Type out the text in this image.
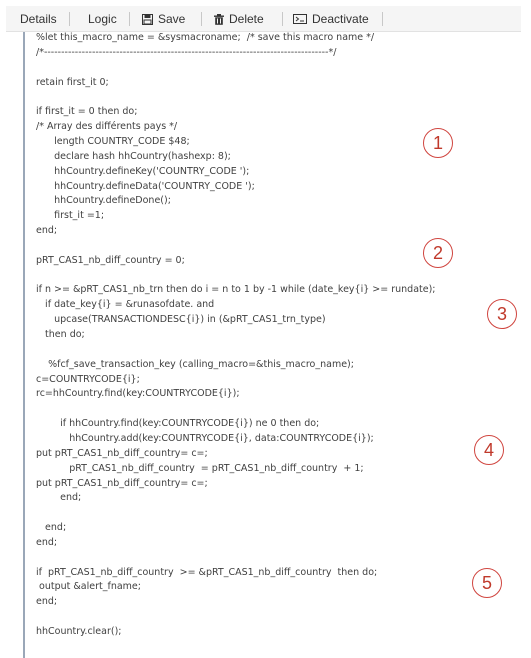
Details	Logic	Save	Delete	Deactivate
%let this_macro_name = &sysmacroname;  /* save this macro name */
/*-----------------------------------------------------------------------------------*/
retain first_it 0;
if first_it = 0 then do;
/* Array des différents pays */
length COUNTRY_CODE $48;
declare hash hhCountry(hashexp: 8);
hhCountry.defineKey('COUNTRY_CODE ');
hhCountry.defineData('COUNTRY_CODE ');
hhCountry.defineDone();
first_it =1;
end;
pRT_CAS1_nb_diff_country = 0;
if n >= &pRT_CAS1_nb_trn then do i = n to 1 by -1 while (date_key{i} >= rundate);
if date_key{i} = &runasofdate. and
upcase(TRANSACTIONDESC{i}) in (&pRT_CAS1_trn_type)
then do;
%fcf_save_transaction_key (calling_macro=&this_macro_name);
c=COUNTRYCODE{i};
rc=hhCountry.find(key:COUNTRYCODE{i});
if hhCountry.find(key:COUNTRYCODE{i}) ne 0 then do;
hhCountry.add(key:COUNTRYCODE{i}, data:COUNTRYCODE{i});
put pRT_CAS1_nb_diff_country= c=;
pRT_CAS1_nb_diff_country  = pRT_CAS1_nb_diff_country  + 1;
put pRT_CAS1_nb_diff_country= c=;
end;
end;
end;
if  pRT_CAS1_nb_diff_country  >= &pRT_CAS1_nb_diff_country  then do;
output &alert_fname;
end;
hhCountry.clear();
1
2
3
4
5
